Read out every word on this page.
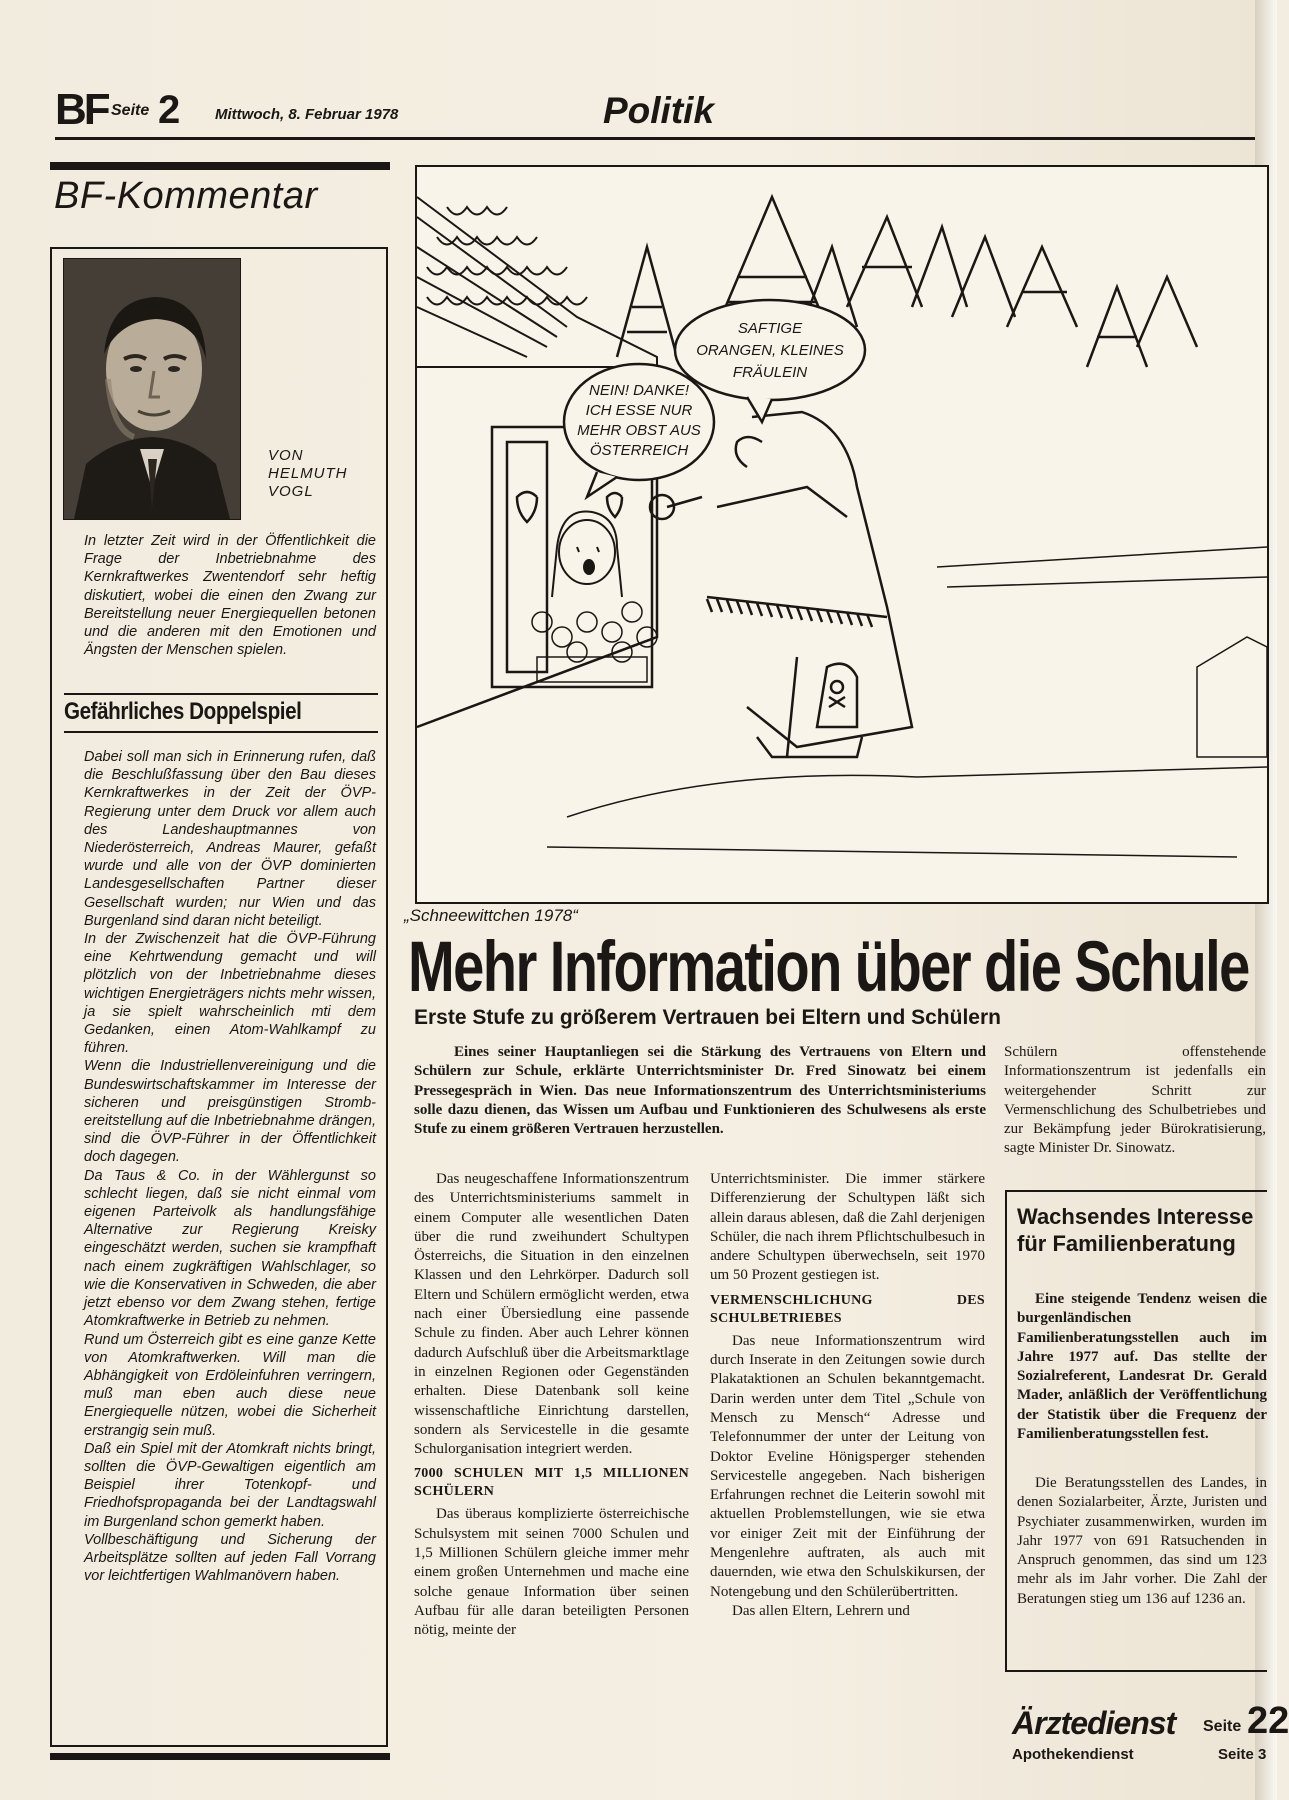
BF Seite 2 Mittwoch, 8. Februar 1978	Politik
BF-Kommentar
VON
HELMUTH
VOGL
In letzter Zeit wird in der Öffentlichkeit die Frage der Inbetriebnahme des Kernkraftwerkes Zwentendorf sehr heftig diskutiert, wobei die einen den Zwang zur Bereitstellung neuer Energiequellen betonen und die anderen mit den Emotionen und Ängsten der Menschen spielen.
Gefährliches Doppelspiel
Dabei soll man sich in Erinnerung rufen, daß die Beschlußfassung über den Bau dieses Kernkraftwerkes in der Zeit der ÖVP-Regierung unter dem Druck vor allem auch des Landeshauptmannes von Niederösterreich, Andreas Maurer, gefaßt wurde und alle von der ÖVP dominierten Landesgesellschaften Partner dieser Gesellschaft wurden; nur Wien und das Burgenland sind daran nicht beteiligt.
In der Zwischenzeit hat die ÖVP-Führung eine Kehrtwendung gemacht und will plötzlich von der Inbetriebnahme dieses wichtigen Energieträgers nichts mehr wissen, ja sie spielt wahrscheinlich mti dem Gedanken, einen Atom-Wahlkampf zu führen.
Wenn die Industriellenvereinigung und die Bundeswirtschaftskammer im Interesse der sicheren und preisgünstigen Strombereitstellung auf die Inbetriebnahme drängen, sind die ÖVP-Führer in der Öffentlichkeit doch dagegen.
Da Taus & Co. in der Wählergunst so schlecht liegen, daß sie nicht einmal vom eigenen Parteivolk als handlungsfähige Alternative zur Regierung Kreisky eingeschätzt werden, suchen sie krampfhaft nach einem zugkräftigen Wahlschlager, so wie die Konservativen in Schweden, die aber jetzt ebenso vor dem Zwang stehen, fertige Atomkraftwerke in Betrieb zu nehmen.
Rund um Österreich gibt es eine ganze Kette von Atomkraftwerken. Will man die Abhängigkeit von Erdöleinfuhren verringern, muß man eben auch diese neue Energiequelle nützen, wobei die Sicherheit erstrangig sein muß.
Daß ein Spiel mit der Atomkraft nichts bringt, sollten die ÖVP-Gewaltigen eigentlich am Beispiel ihrer Totenkopf- und Friedhofspropaganda bei der Landtagswahl im Burgenland schon gemerkt haben.
Vollbeschäftigung und Sicherung der Arbeitsplätze sollten auf jeden Fall Vorrang vor leichtfertigen Wahlmanövern haben.
NEIN! DANKE!
ICH ESSE NUR
MEHR OBST AUS
ÖSTERREICH
SAFTIGE
ORANGEN, KLEINES
FRÄULEIN
„Schneewittchen 1978“
Mehr Information über die Schule
Erste Stufe zu größerem Vertrauen bei Eltern und Schülern
Eines seiner Hauptanliegen sei die Stärkung des Vertrauens von Eltern und Schülern zur Schule, erklärte Unterrichtsminister Dr. Fred Sinowatz bei einem Pressegespräch in Wien. Das neue Informationszentrum des Unterrichtsministeriums solle dazu dienen, das Wissen um Aufbau und Funktionieren des Schulwesens als erste Stufe zu einem größeren Vertrauen herzustellen.

Das neugeschaffene Informationszentrum des Unterrichtsministeriums sammelt in einem Computer alle wesentlichen Daten über die rund zweihundert Schultypen Österreichs, die Situation in den einzelnen Klassen und den Lehrkörper. Dadurch soll Eltern und Schülern ermöglicht werden, etwa nach einer Übersiedlung eine passende Schule zu finden. Aber auch Lehrer können dadurch Aufschluß über die Arbeitsmarktlage in einzelnen Regionen oder Gegenständen erhalten. Diese Datenbank soll keine wissenschaftliche Einrichtung darstellen, sondern als Servicestelle in die gesamte Schulorganisation integriert werden.

7000 SCHULEN MIT 1,5 MILLIONEN SCHÜLERN

Das überaus komplizierte österreichische Schulsystem mit seinen 7000 Schulen und 1,5 Millionen Schülern gleiche immer mehr einem großen Unternehmen und mache eine solche genaue Information über seinen Aufbau für alle daran beteiligten Personen nötig, meinte der

Unterrichtsminister. Die immer stärkere Differenzierung der Schultypen läßt sich allein daraus ablesen, daß die Zahl derjenigen Schüler, die nach ihrem Pflichtschulbesuch in andere Schultypen überwechseln, seit 1970 um 50 Prozent gestiegen ist.

VERMENSCHLICHUNG DES SCHULBETRIEBES

Das neue Informationszentrum wird durch Inserate in den Zeitungen sowie durch Plakataktionen an Schulen bekanntgemacht. Darin werden unter dem Titel „Schule von Mensch zu Mensch“ Adresse und Telefonnummer der unter der Leitung von Doktor Eveline Hönigsperger stehenden Servicestelle angegeben. Nach bisherigen Erfahrungen rechnet die Leiterin sowohl mit aktuellen Problemstellungen, wie sie etwa vor einiger Zeit mit der Einführung der Mengenlehre auftraten, als auch mit dauernden, wie etwa den Schulskikursen, der Notengebung und den Schülerübertritten.

Das allen Eltern, Lehrern und

Schülern offenstehende Informationszentrum ist jedenfalls ein weitergehender Schritt zur Vermenschlichung des Schulbetriebes und zur Bekämpfung jeder Bürokratisierung, sagte Minister Dr. Sinowatz.

Wachsendes Interesse für Familienberatung
Eine steigende Tendenz weisen die burgenländischen Familienberatungsstellen auch im Jahre 1977 auf. Das stellte der Sozialreferent, Landesrat Dr. Gerald Mader, anläßlich der Veröffentlichung der Statistik über die Frequenz der Familienberatungsstellen fest.
Die Beratungsstellen des Landes, in denen Sozialarbeiter, Ärzte, Juristen und Psychiater zusammenwirken, wurden im Jahr 1977 von 691 Ratsuchenden in Anspruch genommen, das sind um 123 mehr als im Jahr vorher. Die Zahl der Beratungen stieg um 136 auf 1236 an.
Ärztedienst Seite 22
Apothekendienst	Seite 3
